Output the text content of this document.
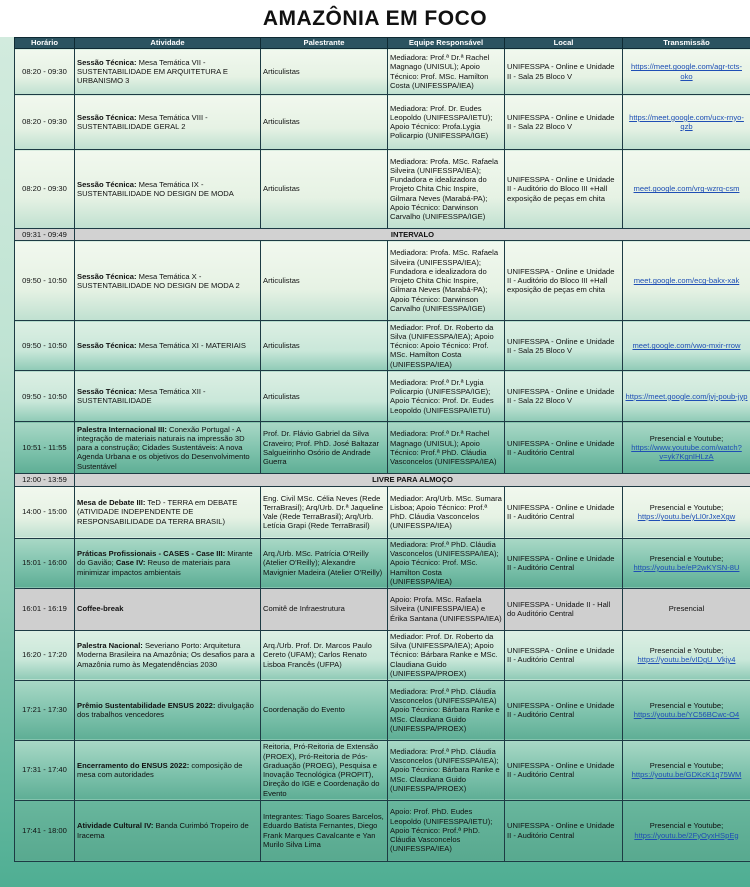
AMAZÔNIA EM FOCO
Horário	Atividade	Palestrante	Equipe Responsável	Local	Transmissão
08:20 - 09:30	Sessão Técnica: Mesa Temática VII - SUSTENTABILIDADE EM ARQUITETURA E URBANISMO 3	Articulistas	Mediadora: Prof.ª Dr.ª Rachel Magnago (UNISUL); Apoio Técnico: Prof. MSc. Hamilton Costa (UNIFESSPA/IEA)	UNIFESSPA - Online e Unidade II - Sala 25 Bloco V	https://meet.google.com/agr-tcts-oko
08:20 - 09:30	Sessão Técnica: Mesa Temática VIII - SUSTENTABILIDADE GERAL 2	Articulistas	Mediadora: Prof. Dr. Eudes Leopoldo (UNIFESSPA/IETU); Apoio Técnico: Profa.Lygia Policarpio (UNIFESSPA/IGE)	UNIFESSPA - Online e Unidade II - Sala 22 Bloco V	https://meet.google.com/ucx-rnyo-qzb
08:20 - 09:30	Sessão Técnica: Mesa Temática IX - SUSTENTABILIDADE NO DESIGN DE MODA	Articulistas	Mediadora: Profa. MSc. Rafaela Silveira (UNIFESSPA/IEA); Fundadora e idealizadora do Projeto Chita Chic Inspire, Gilmara Neves (Marabá-PA); Apoio Técnico: Darwinson Carvalho (UNIFESSPA/IGE)	UNIFESSPA - Online e Unidade II - Auditório do Bloco III +Hall exposição de peças em chita	meet.google.com/vrg-wzrq-csm
09:31 - 09:49	INTERVALO				
09:50 - 10:50	Sessão Técnica: Mesa Temática X - SUSTENTABILIDADE NO DESIGN DE MODA 2	Articulistas	Mediadora: Profa. MSc. Rafaela Silveira (UNIFESSPA/IEA); Fundadora e idealizadora do Projeto Chita Chic Inspire, Gilmara Neves (Marabá-PA); Apoio Técnico: Darwinson Carvalho (UNIFESSPA/IGE)	UNIFESSPA - Online e Unidade II - Auditório do Bloco III +Hall exposição de peças em chita	meet.google.com/ecg-bakx-xak
09:50 - 10:50	Sessão Técnica: Mesa Temática XI - MATERIAIS	Articulistas	Mediador: Prof. Dr. Roberto da Silva (UNIFESSPA/IEA); Apoio Técnico: Apoio Técnico: Prof. MSc. Hamilton Costa (UNIFESSPA/IEA)	UNIFESSPA - Online e Unidade II - Sala 25 Bloco V	meet.google.com/vwo-mxir-rrow
09:50 - 10:50	Sessão Técnica: Mesa Temática XII - SUSTENTABILIDADE	Articulistas	Mediadora: Prof.ª Dr.ª Lygia Policarpio (UNIFESSPA/IGE); Apoio Técnico: Prof. Dr. Eudes Leopoldo (UNIFESSPA/IETU)	UNIFESSPA - Online e Unidade II - Sala 22 Bloco V	https://meet.google.com/jvj-poub-jyp
10:51 - 11:55	Palestra Internacional III: Conexão Portugal - A integração de materiais naturais na impressão 3D para a construção; Cidades Sustentáveis: A nova Agenda Urbana e os objetivos do Desenvolvimento Sustentável	Prof. Dr. Flávio Gabriel da Silva Craveiro; Prof. PhD. José Baltazar Salgueirinho Osório de Andrade Guerra	Mediadora: Prof.ª Dr.ª Rachel Magnago (UNISUL); Apoio Técnico: Prof.ª PhD. Cláudia Vasconcelos (UNIFESSPA/IEA)	UNIFESSPA - Online e Unidade II - Auditório Central	Presencial e Youtube;
https://www.youtube.com/watch?v=yk7KgnIHLzA
12:00 - 13:59	LIVRE PARA ALMOÇO				
14:00 - 15:00	Mesa de Debate III: TeD - TERRA em DEBATE (ATIVIDADE INDEPENDENTE DE RESPONSABILIDADE DA TERRA BRASIL)	Eng. Civil MSc. Célia Neves (Rede TerraBrasil); Arq/Urb. Dr.ª Jaqueline Vale (Rede TerraBrasil); Arq/Urb. Letícia Grapi (Rede TerraBrasil)	Mediador: Arq/Urb. MSc. Sumara Lisboa; Apoio Técnico: Prof.ª PhD. Cláudia Vasconcelos (UNIFESSPA/IEA)	UNIFESSPA - Online e Unidade II - Auditório Central	Presencial e Youtube;
https://youtu.be/yLI0rJxeXgw
15:01 - 16:00	Práticas Profissionais - CASES - Case III: Mirante do Gavião; Case IV: Reuso de materiais para minimizar impactos ambientais	Arq./Urb. MSc. Patrícia O'Reilly (Atelier O'Reilly); Alexandre Mavignier Madeira (Atelier O'Reilly)	Mediadora: Prof.ª PhD. Cláudia Vasconcelos (UNIFESSPA/IEA); Apoio Técnico: Prof. MSc. Hamilton Costa (UNIFESSPA/IEA)	UNIFESSPA - Online e Unidade II - Auditório Central	Presencial e Youtube;
https://youtu.be/eP2wKYSN-8U
16:01 - 16:19	Coffee-break	Comitê de Infraestrutura	Apoio: Profa. MSc. Rafaela Silveira (UNIFESSPA/IEA) e Érika Santana (UNIFESSPA/IEA)	UNIFESSPA - Unidade II - Hall do Auditório Central	Presencial
16:20 - 17:20	Palestra Nacional: Severiano Porto: Arquitetura Moderna Brasileira na Amazônia; Os desafios para a Amazônia rumo às Megatendências 2030	Arq./Urb. Prof. Dr. Marcos Paulo Cereto (UFAM); Carlos Renato Lisboa Francês (UFPA)	Mediador: Prof. Dr. Roberto da Silva (UNIFESSPA/IEA); Apoio Técnico: Bárbara Ranke e MSc. Claudiana Guido (UNIFESSPA/PROEX)	UNIFESSPA - Online e Unidade II - Auditório Central	Presencial e Youtube;
https://youtu.be/vIDgU_Vkjy4
17:21 - 17:30	Prêmio Sustentabilidade ENSUS 2022: divulgação dos trabalhos vencedores	Coordenação do Evento	Mediadora: Prof.ª PhD. Cláudia Vasconcelos (UNIFESSPA/IEA) Apoio Técnico: Bárbara Ranke e MSc. Claudiana Guido (UNIFESSPA/PROEX)	UNIFESSPA - Online e Unidade II - Auditório Central	Presencial e Youtube;
https://youtu.be/YC56BCwc-O4
17:31 - 17:40	Encerramento do ENSUS 2022: composição de mesa com autoridades	Reitoria, Pró-Reitoria de Extensão (PROEX), Pró-Reitoria de Pós-Graduação (PROEG), Pesquisa e Inovação Tecnológica (PROPIT), Direção do IGE e Coordenação do Evento	Mediadora: Prof.ª PhD. Cláudia Vasconcelos (UNIFESSPA/IEA); Apoio Técnico: Bárbara Ranke e MSc. Claudiana Guido (UNIFESSPA/PROEX)	UNIFESSPA - Online e Unidade II - Auditório Central	Presencial e Youtube;
https://youtu.be/GDKcK1q75WM
17:41 - 18:00	Atividade Cultural IV: Banda Curimbó Tropeiro de Iracema	Integrantes: Tiago Soares Barcelos, Eduardo Batista Fernantes, Diego Frank Marques Cavalcante e Yan Murilo Silva Lima	Apoio: Prof. PhD. Eudes Leopoldo (UNIFESSPA/IETU); Apoio Técnico: Prof.ª PhD. Cláudia Vasconcelos (UNIFESSPA/IEA)	UNIFESSPA - Online e Unidade II - Auditório Central	Presencial e Youtube;
https://youtu.be/2FyOyxHSpEg
